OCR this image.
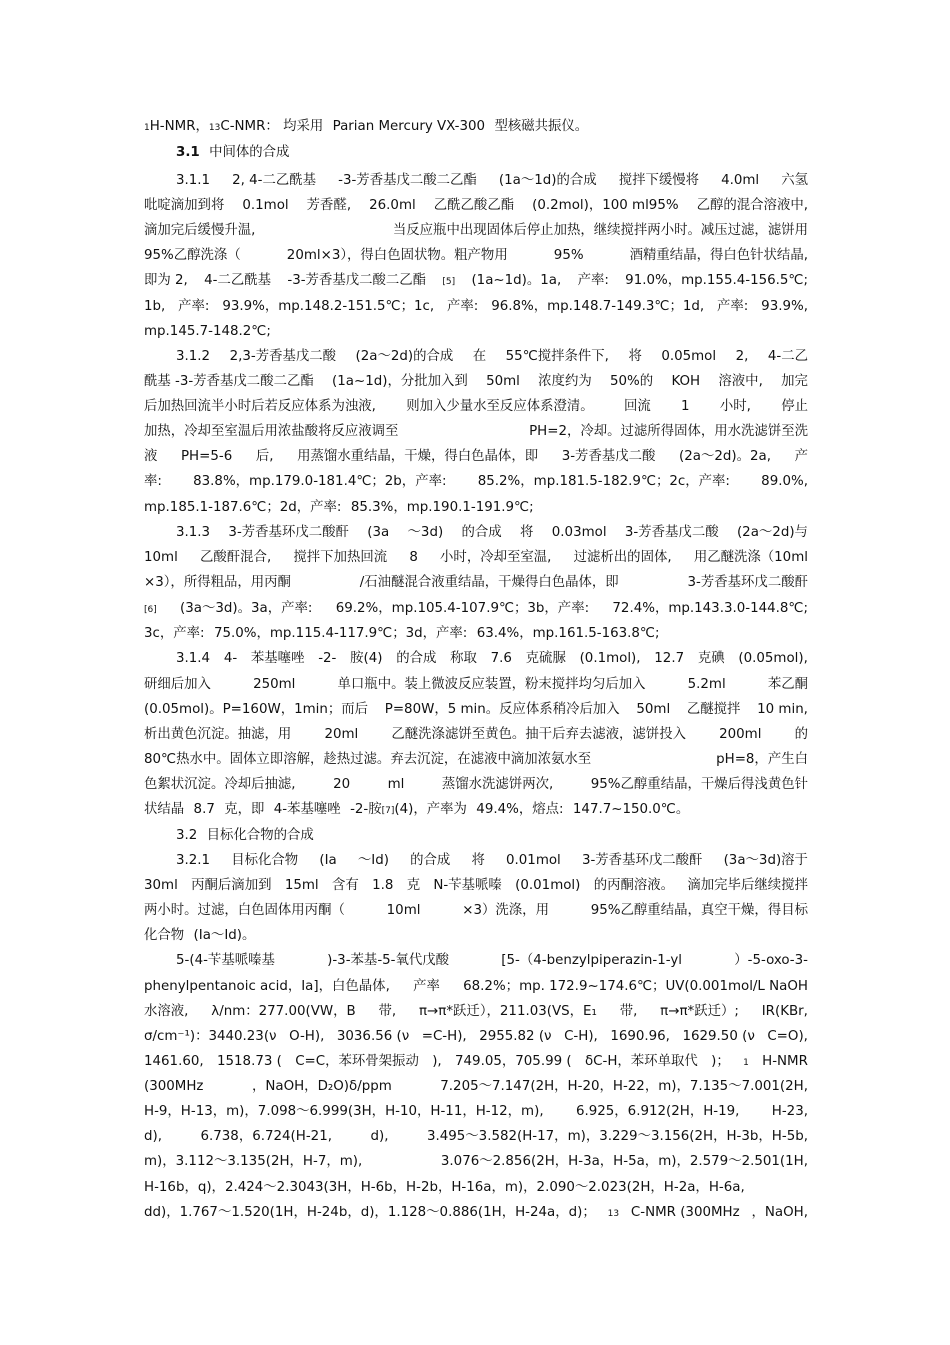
1 H-NMR， 13 C-NMR： 均采用 Parian Mercury VX-300 型核磁共振仪。
3.1 中间体的合成
3.1.1 2, 4-二乙酰基 -3-芳香基戊二酸二乙酯 (1a～1d)的合成 搅拌下缓慢将 4.0ml 六氢
吡啶滴加到将 0.1mol 芳香醛, 26.0ml 乙酰乙酸乙酯 (0.2mol)，100 ml95% 乙醇的混合溶液中,
滴加完后缓慢升温,	当反应瓶中出现固体后停止加热，继续搅拌两小时。减压过滤，滤饼用
95%乙醇洗涤（	20ml×3），得白色固状物。粗产物用	95%	酒精重结晶，得白色针状结晶,
即为 2, 4-二乙酰基 -3-芳香基戊二酸二乙酯 [5] (1a~1d)。1a, 产率: 91.0%，mp.155.4-156.5℃;
1b, 产率: 93.9%，mp.148.2-151.5℃；1c, 产率: 96.8%，mp.148.7-149.3℃；1d, 产率: 93.9%,
mp.145.7-148.2℃;
3.1.2 2,3-芳香基戊二酸 (2a～2d)的合成 在 55℃搅拌条件下, 将 0.05mol 2, 4-二乙
酰基 -3-芳香基戊二酸二乙酯 (1a~1d)，分批加入到 50ml 浓度约为 50%的 KOH 溶液中, 加完
后加热回流半小时后若反应体系为浊液, 则加入少量水至反应体系澄清。 回流 1 小时, 停止
加热，冷却至室温后用浓盐酸将反应液调至	PH=2，冷却。过滤所得固体，用水洗滤饼至洗
液 PH=5-6 后, 用蒸馏水重结晶，干燥，得白色晶体，即 3-芳香基戊二酸 (2a～2d)。2a, 产
率: 83.8%，mp.179.0-181.4℃；2b，产率: 85.2%，mp.181.5-182.9℃；2c，产率: 89.0%,
mp.185.1-187.6℃；2d，产率: 85.3%，mp.190.1-191.9℃;
3.1.3 3-芳香基环戊二酸酐 (3a ～3d) 的合成 将 0.03mol 3-芳香基戊二酸 (2a～2d)与
10ml 乙酸酐混合, 搅拌下加热回流 8 小时，冷却至室温, 过滤析出的固体, 用乙醚洗涤（10ml
×3），所得粗品，用丙酮	/石油醚混合液重结晶，干燥得白色晶体，即	3-芳香基环戊二酸酐
[6] (3a～3d)。3a，产率: 69.2%，mp.105.4-107.9℃；3b，产率: 72.4%，mp.143.3.0-144.8℃;
3c，产率: 75.0%，mp.115.4-117.9℃；3d，产率: 63.4%，mp.161.5-163.8℃;
3.1.4 4- 苯基噻唑 -2- 胺(4) 的合成 称取 7.6 克硫脲 (0.1mol), 12.7 克碘 (0.05mol),
研细后加入	250ml	单口瓶中。装上微波反应装置，粉末搅拌均匀后加入	5.2ml	苯乙酮
(0.05mol)。P=160W，1min；而后 P=80W，5 min。反应体系稍冷后加入 50ml 乙醚搅拌 10 min,
析出黄色沉淀。抽滤，用 20ml 乙醚洗涤滤饼至黄色。抽干后弃去滤液，滤饼投入 200ml 的
80℃热水中。固体立即溶解，趁热过滤。弃去沉淀，在滤液中滴加浓氨水至	pH=8，产生白
色絮状沉淀。冷却后抽滤,	20	ml	蒸馏水洗滤饼两次,	95%乙醇重结晶，干燥后得浅黄色针
状结晶 8.7 克，即 4-苯基噻唑 -2-胺 [7] (4)，产率为 49.4%，熔点: 147.7~150.0℃。
3.2 目标化合物的合成
3.2.1 目标化合物 (Ia ～Id) 的合成 将 0.01mol 3-芳香基环戊二酸酐 (3a～3d)溶于
30ml 丙酮后滴加到 15ml 含有 1.8 克 N-苄基哌嗪 (0.01mol) 的丙酮溶液。 滴加完毕后继续搅拌
两小时。过滤，白色固体用丙酮（	10ml	×3）洗涤，用	95%乙醇重结晶，真空干燥，得目标
化合物 (Ia～Id)。
5-(4-苄基哌嗪基	)-3-苯基-5-氧代戊酸	[5-（4-benzylpiperazin-1-yl	）-5-oxo-3-
phenylpentanoic acid，Ia]，白色晶体, 产率 68.2%；mp. 172.9~174.6℃；UV(0.001mol/L NaOH
水溶液, λ/nm：277.00(VW，B 带, π→π*跃迁），211.03(VS，E₁ 带, π→π*跃迁）; IR(KBr,
σ/cm⁻¹)：3440.23(ν O-H), 3036.56 (ν =C-H), 2955.82 (ν C-H), 1690.96, 1629.50 (ν C=O),
1461.60, 1518.73 ( C=C，苯环骨架振动 ), 749.05，705.99 ( δC-H，苯环单取代 )； 1 H-NMR
(300MHz	，NaOH，D₂O)δ/ppm	7.205～7.147(2H，H-20，H-22，m)，7.135～7.001(2H,
H-9，H-13，m)，7.098～6.999(3H，H-10，H-11，H-12，m), 6.925，6.912(2H，H-19, H-23,
d),	6.738，6.724(H-21,	d),	3.495～3.582(H-17，m)，3.229～3.156(2H，H-3b，H-5b,
m)，3.112～3.135(2H，H-7，m),	3.076～2.856(2H，H-3a，H-5a，m)，2.579～2.501(1H,
H-16b，q)，2.424～2.3043(3H，H-6b，H-2b，H-16a，m)，2.090～2.023(2H，H-2a，H-6a,
dd)，1.767～1.520(1H，H-24b，d)，1.128～0.886(1H，H-24a，d)； 13 C-NMR (300MHz ，NaOH,
